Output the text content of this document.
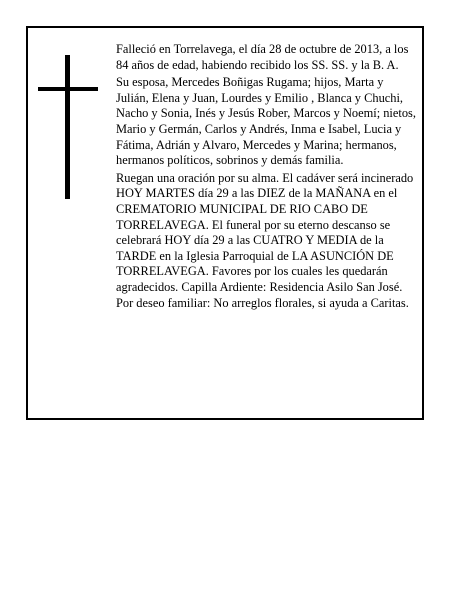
Falleció en Torrelavega, el día 28 de octubre de 2013, a los 84 años de edad, habiendo recibido los SS. SS. y la B. A.

Su esposa, Mercedes Boñigas Rugama; hijos, Marta y Julián, Elena y Juan, Lourdes y Emilio , Blanca y Chuchi, Nacho y Sonia, Inés y Jesús Rober, Marcos y Noemí; nietos, Mario y Germán, Carlos y Andrés, Inma e Isabel, Lucia y Fátima, Adrián y Alvaro, Mercedes y Marina; hermanos, hermanos políticos, sobrinos y demás familia.

Ruegan una oración por su alma. El cadáver será incinerado HOY MARTES día 29 a las DIEZ de la MAÑANA en el CREMATORIO MUNICIPAL DE RIO CABO DE TORRELAVEGA. El funeral por su eterno descanso se celebrará HOY día 29 a las CUATRO Y MEDIA de la TARDE en la Iglesia Parroquial de LA ASUNCIÓN DE TORRELAVEGA. Favores por los cuales les quedarán agradecidos. Capilla Ardiente: Residencia Asilo San José. Por deseo familiar: No arreglos florales, si ayuda a Caritas.
